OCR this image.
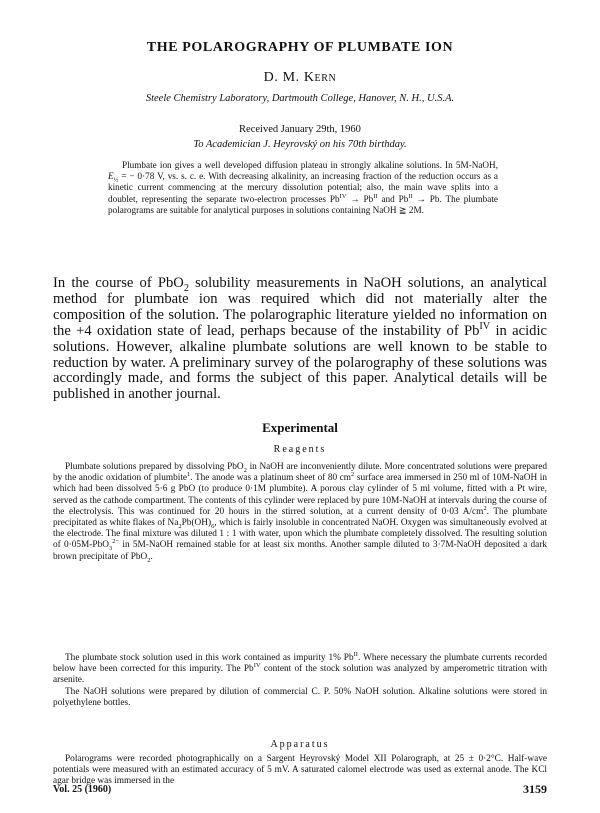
THE POLAROGRAPHY OF PLUMBATE ION
D. M. Kern
Steele Chemistry Laboratory, Dartmouth College, Hanover, N. H., U.S.A.
Received January 29th, 1960
To Academician J. Heyrovský on his 70th birthday.

Plumbate ion gives a well developed diffusion plateau in strongly alkaline solutions. In 5M-NaOH, $E_{\frac{1}{2}}$ = − 0·78 V, vs. s. c. e. With decreasing alkalinity, an increasing fraction of the reduction occurs as a kinetic current commencing at the mercury dissolution potential; also, the main wave splits into a doublet, representing the separate two-electron processes $Pb^{IV} \to Pb^{II}$ and $Pb^{II} \to Pb$. The plumbate polarograms are suitable for analytical purposes in solutions containing NaOH ≧ 2M.

In the course of PbO$_2$ solubility measurements in NaOH solutions, an analytical method for plumbate ion was required which did not materially alter the composition of the solution. The polarographic literature yielded no information on the +4 oxidation state of lead, perhaps because of the instability of $Pb^{IV}$ in acidic solutions. However, alkaline plumbate solutions are well known to be stable to reduction by water. A preliminary survey of the polarography of these solutions was accordingly made, and forms the subject of this paper. Analytical details will be published in another journal.

Experimental
Reagents

Plumbate solutions prepared by dissolving PbO$_2$ in NaOH are inconveniently dilute. More concentrated solutions were prepared by the anodic oxidation of plumbite$^1$. The anode was a platinum sheet of 80 $cm^2$ surface area immersed in 250 ml of 10M-NaOH in which had been dissolved 5·6 g PbO (to produce 0·1M plumbite). A porous clay cylinder of 5 ml volume, fitted with a Pt wire, served as the cathode compartment. The contents of this cylinder were replaced by pure 10M-NaOH at intervals during the course of the electrolysis. This was continued for 20 hours in the stirred solution, at a current density of 0·03 $A/cm^2$. The plumbate precipitated as white flakes of $Na_2Pb(OH)_6$, which is fairly insoluble in concentrated NaOH. Oxygen was simultaneously evolved at the electrode. The final mixture was diluted 1 : 1 with water, upon which the plumbate completely dissolved. The resulting solution of 0·05M-PbO$_3^{2-}$ in 5M-NaOH remained stable for at least six months. Another sample diluted to 3·7M-NaOH deposited a dark brown precipitate of PbO$_2$.

The plumbate stock solution used in this work contained as impurity 1% $Pb^{II}$. Where necessary the plumbate currents recorded below have been corrected for this impurity. The $Pb^{IV}$ content of the stock solution was analyzed by amperometric titration with arsenite.

The NaOH solutions were prepared by dilution of commercial C. P. 50% NaOH solution. Alkaline solutions were stored in polyethylene bottles.

Apparatus

Polarograms were recorded photographically on a Sargent Heyrovský Model XII Polarograph, at 25 ± 0·2°C. Half-wave potentials were measured with an estimated accuracy of 5 mV. A saturated calomel electrode was used as external anode. The KCl agar bridge was immersed in the

Vol. 25 (1960)	3159
